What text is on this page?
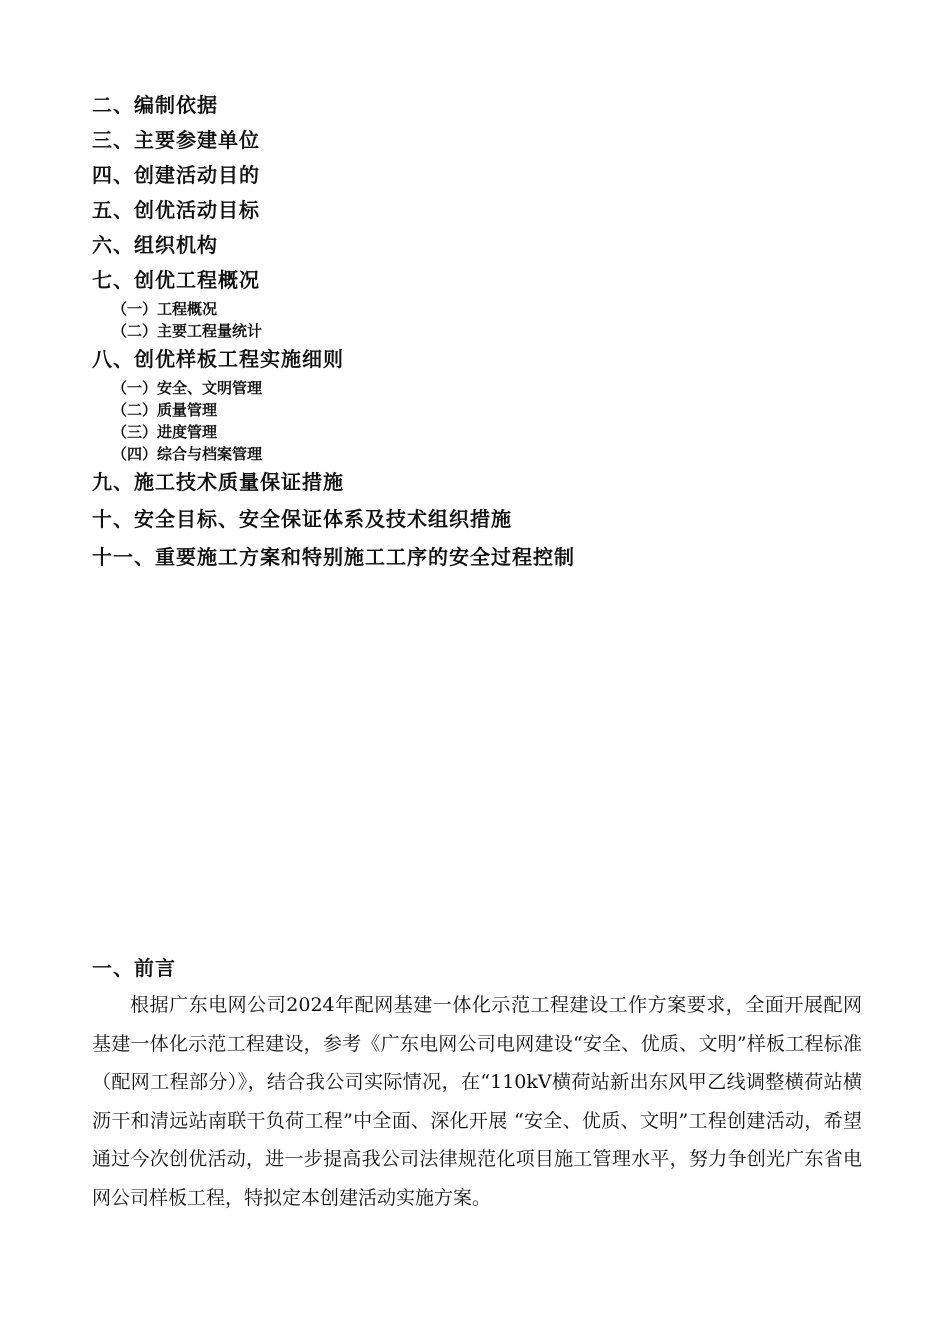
二、编制依据
三、主要参建单位
四、创建活动目的
五、创优活动目标
六、组织机构
七、创优工程概况
（一）工程概况
（二）主要工程量统计
八、创优样板工程实施细则
（一）安全、文明管理
（二）质量管理
（三）进度管理
（四）综合与档案管理
九、施工技术质量保证措施
十、安全目标、安全保证体系及技术组织措施
十一、重要施工方案和特别施工工序的安全过程控制
一、前言

根据广东电网公司2024年配网基建一体化示范工程建设工作方案要求，全面开展配网基建一体化示范工程建设，参考《广东电网公司电网建设“安全、优质、文明”样板工程标准（配网工程部分）》，结合我公司实际情况，在“110kV横荷站新出东风甲乙线调整横荷站横沥干和清远站南联干负荷工程”中全面、深化开展 “安全、优质、文明”工程创建活动，希望通过今次创优活动，进一步提高我公司法律规范化项目施工管理水平，努力争创光广东省电网公司样板工程，特拟定本创建活动实施方案。
